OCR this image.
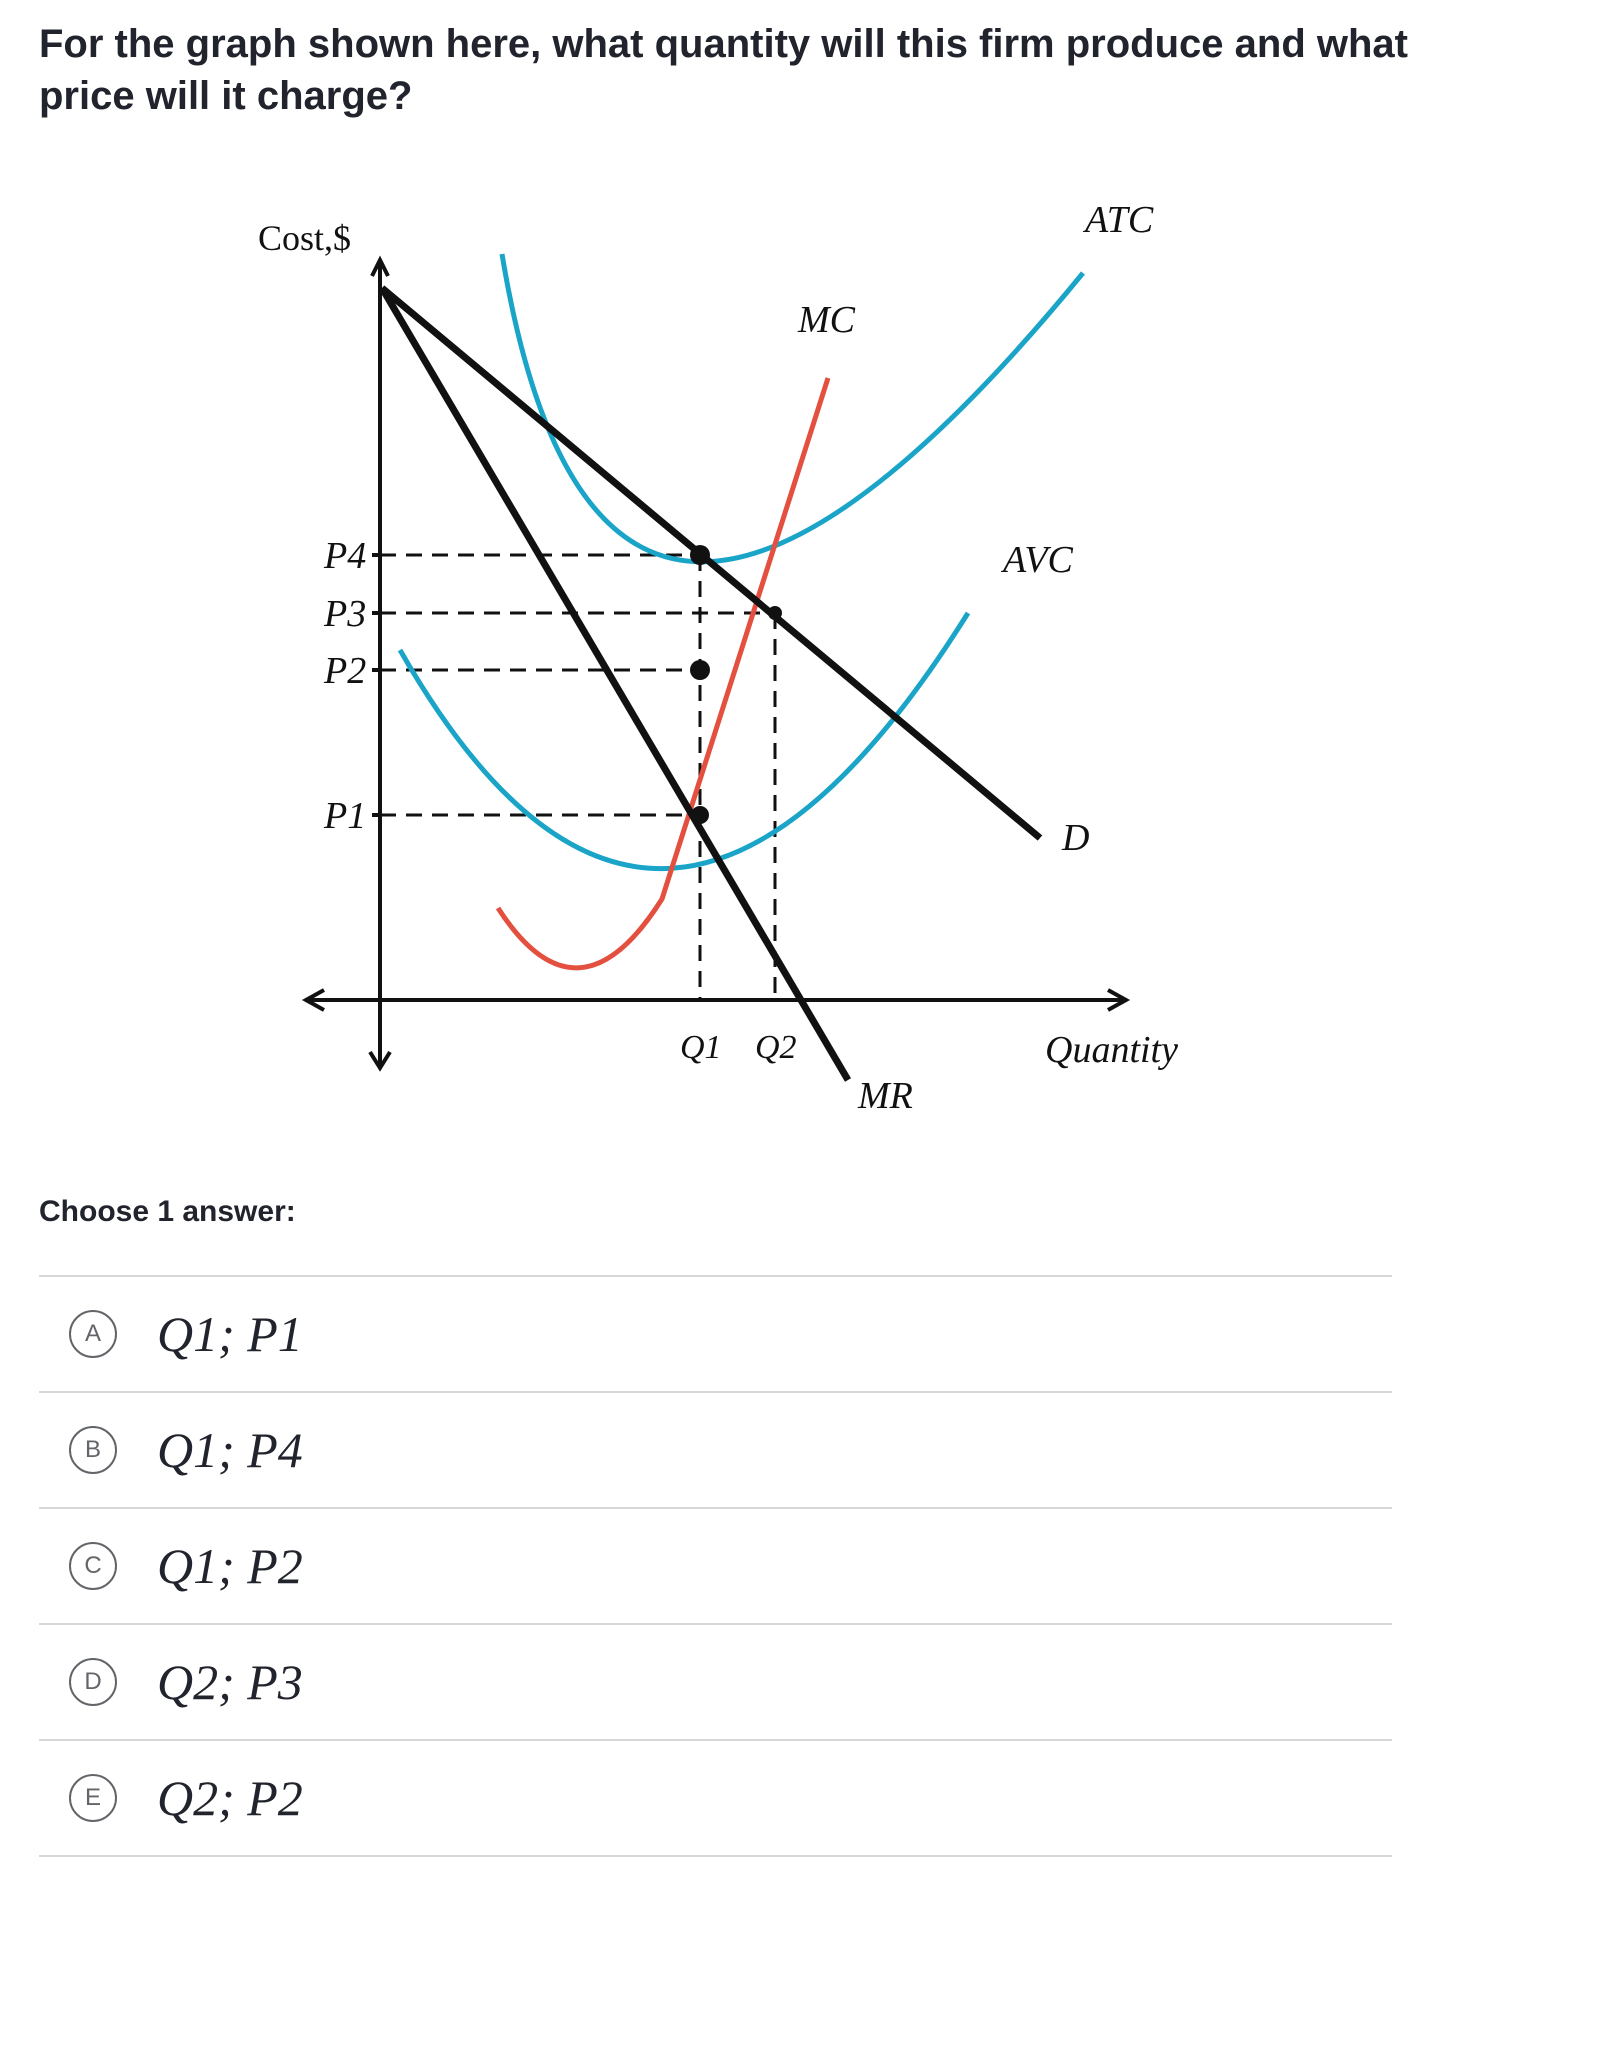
For the graph shown here, what quantity will this firm produce and what price will it charge?
Cost,$
P4
P3
P2
P1
Q1 Q2
ATC
MC
AVC
D
MR
Quantity
Choose 1 answer:
A	Q1; P1
B	Q1; P4
C	Q1; P2
D	Q2; P3
E	Q2; P2
